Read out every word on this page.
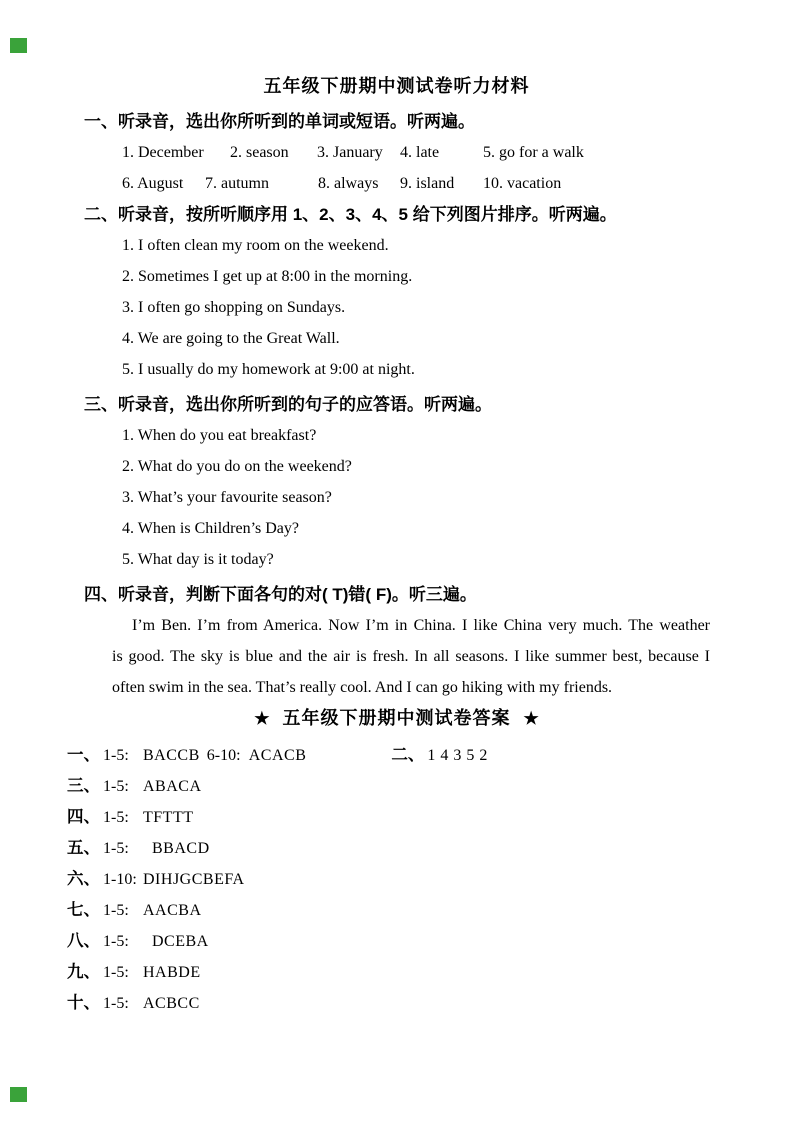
五年级下册期中测试卷听力材料
一、听录音，选出你所听到的单词或短语。听两遍。
1. December	2. season	3. January	4. late	5. go for a walk
6. August	7. autumn	8. always	9. island	10. vacation
二、听录音，按所听顺序用 1、2、3、4、5 给下列图片排序。听两遍。
1. I often clean my room on the weekend.
2. Sometimes I get up at 8:00 in the morning.
3. I often go shopping on Sundays.
4. We are going to the Great Wall.
5. I usually do my homework at 9:00 at night.
三、听录音，选出你所听到的句子的应答语。听两遍。
1. When do you eat breakfast?
2. What do you do on the weekend?
3. What’s your favourite season?
4. When is Children’s Day?
5. What day is it today?
四、听录音，判断下面各句的对( T)错( F)。听三遍。
I’m Ben. I’m from America. Now I’m in China. I like China very much. The weather
is good. The sky is blue and the air is fresh. In all seasons. I like summer best, because I
often swim in the sea. That’s really cool. And I can go hiking with my friends.
★ 五年级下册期中测试卷答案 ★
一、 1-5: BACCB 6-10: ACACB	二、 1 4 3 5 2
三、 1-5: ABACA
四、 1-5: TFTTT
五、 1-5: BBACD
六、 1-10: DIHJGCBEFA
七、 1-5: AACBA
八、 1-5: DCEBA
九、 1-5: HABDE
十、 1-5: ACBCC
